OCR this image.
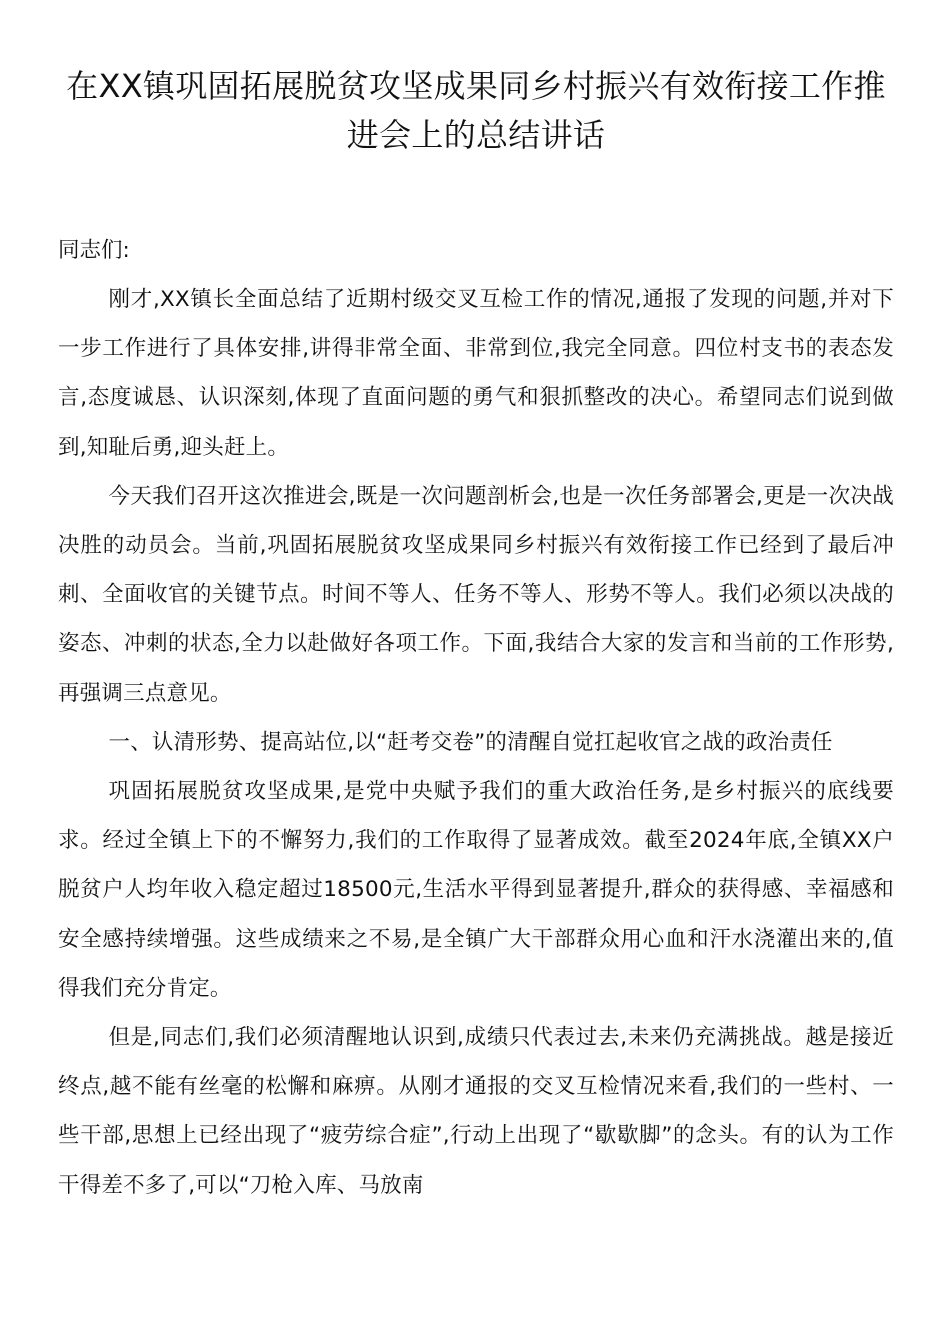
在XX镇巩固拓展脱贫攻坚成果同乡村振兴有效衔接工作推进会上的总结讲话

同志们:

刚才,XX镇长全面总结了近期村级交叉互检工作的情况,通报了发现的问题,并对下一步工作进行了具体安排,讲得非常全面、非常到位,我完全同意。四位村支书的表态发言,态度诚恳、认识深刻,体现了直面问题的勇气和狠抓整改的决心。希望同志们说到做到,知耻后勇,迎头赶上。

今天我们召开这次推进会,既是一次问题剖析会,也是一次任务部署会,更是一次决战决胜的动员会。当前,巩固拓展脱贫攻坚成果同乡村振兴有效衔接工作已经到了最后冲刺、全面收官的关键节点。时间不等人、任务不等人、形势不等人。我们必须以决战的姿态、冲刺的状态,全力以赴做好各项工作。下面,我结合大家的发言和当前的工作形势,再强调三点意见。

一、认清形势、提高站位,以“赶考交卷”的清醒自觉扛起收官之战的政治责任

巩固拓展脱贫攻坚成果,是党中央赋予我们的重大政治任务,是乡村振兴的底线要求。经过全镇上下的不懈努力,我们的工作取得了显著成效。截至2024年底,全镇XX户脱贫户人均年收入稳定超过18500元,生活水平得到显著提升,群众的获得感、幸福感和安全感持续增强。这些成绩来之不易,是全镇广大干部群众用心血和汗水浇灌出来的,值得我们充分肯定。

但是,同志们,我们必须清醒地认识到,成绩只代表过去,未来仍充满挑战。越是接近终点,越不能有丝毫的松懈和麻痹。从刚才通报的交叉互检情况来看,我们的一些村、一些干部,思想上已经出现了“疲劳综合症”,行动上出现了“歇歇脚”的念头。有的认为工作干得差不多了,可以“刀枪入库、马放南
